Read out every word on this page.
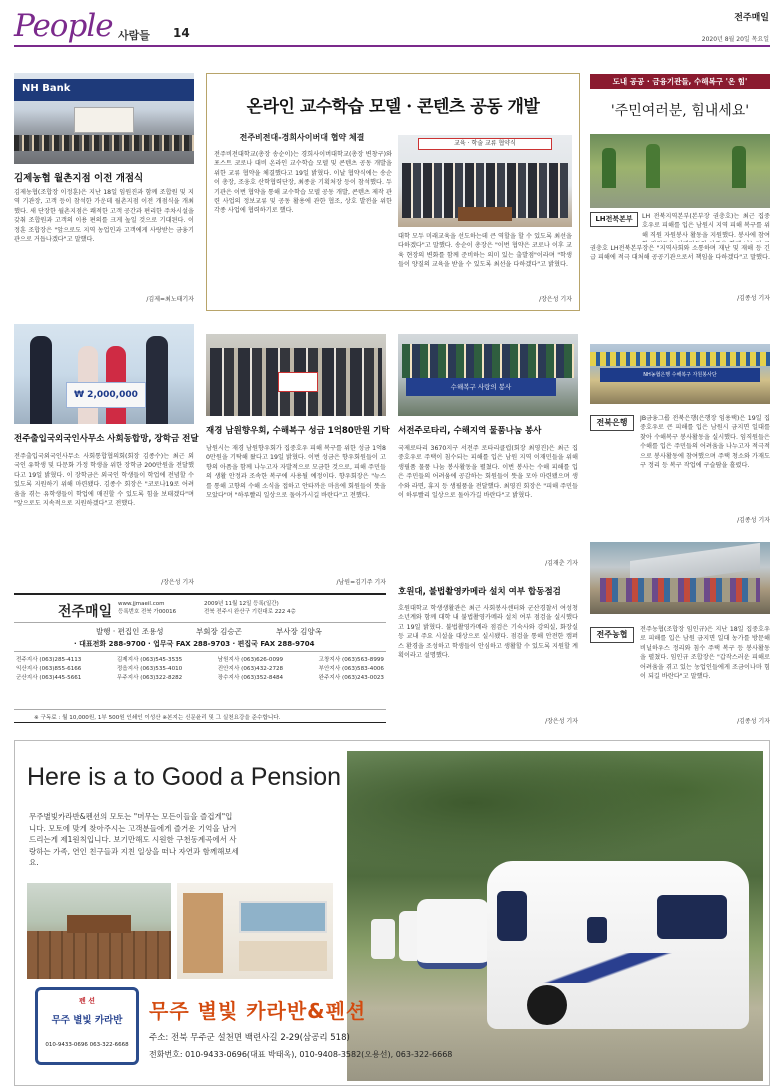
People 사람들 14
전주매일
2020년 8월 20일 목요일
NH Bank
김제농협 월촌지점 이전 개점식
김제농협(조합장 이정훈)은 지난 18일 임원진과 함께 조합원 및 지역 기관장, 고객 등이 참석한 가운데 월촌지점 이전 개점식을 개최했다. 새 단장한 월촌지점은 쾌적한 고객 공간과 편리한 주차시설을 갖춰 조합원과 고객의 이용 편의를 크게 높일 것으로 기대된다. 이정훈 조합장은 "앞으로도 지역 농업인과 고객에게 사랑받는 금융기관으로 거듭나겠다"고 말했다.
/김제=최노태기자
온라인 교수학습 모델 · 콘텐츠 공동 개발
전주비전대-경희사이버대 협약 체결
전주비전대학교(총장 송순이)는 경희사이버대학교(총장 변창구)와 포스트 코로나 대비 온라인 교수학습 모델 및 콘텐츠 공동 개발을 위한 교류 협약을 체결했다고 19일 밝혔다. 이날 협약식에는 송순이 총장, 조웅호 산학협력단장, 최종윤 기획처장 등이 참석했다. 두 기관은 이번 협약을 통해 교수학습 모델 공동 개발, 콘텐츠 제작 관련 사업의 정보교류 및 공동 활용에 관한 협조, 상호 발전을 위한 각종 사업에 협력하기로 했다.
교육 · 학술 교류 협약식
대학 모두 미래교육을 선도하는데 큰 역할을 할 수 있도록 최선을 다하겠다"고 말했다. 송순이 총장은 "이번 협약은 코로나 이후 교육 현장의 변화를 함께 준비하는 의미 있는 출발점"이라며 "학생들이 양질의 교육을 받을 수 있도록 최선을 다하겠다"고 밝혔다.
/장은성 기자
도내 공공 · 금융기관들, 수해복구 '온 힘'
'주민여러분, 힘내세요'
LH전북본부	LH 전북지역본부(본부장 권충호)는 최근 집중호우로 피해를 입은 남원시 지역 피해 복구를 위해 직원 자원봉사 활동을 지원했다. 봉사에 참여
권충호 LH전북본부장은 "지역사회와 소통하며 재난 및 재해 등 긴급 피해에 적극 대처해 공공기관으로서 책임을 다하겠다"고 말했다.
/김종성 기자
NH농협은행 수해복구 자원봉사단
전북은행	JB금융그룹 전북은행(은행장 임용택)은 19일 집중호우로 큰 피해를 입은 남원시 금지면 일대를 찾아 수해복구 봉사활동을 실시했다. 임직원들은 수해를 입은 주민들의 어려움을 나누고자 적극적으로 봉사활동에 참여했으며 주택 청소와 가재도구 정리 등 복구 작업에 구슬땀을 흘렸다.
/김종성 기자
전주농협
전주농협(조합장 임인규)은 지난 18일 집중호우로 피해를 입은 남원 금지면 일대 농가를 방문해 비닐하우스 정리와 침수 주택 복구 등 봉사활동을 펼쳤다. 임인규 조합장은 "갑작스러운 피해로 어려움을 겪고 있는 농업인들에게 조금이나마 힘이 되길 바란다"고 말했다.
/김종성 기자
₩ 2,000,000
전주출입국외국인사무소 사회동합망, 장학금 전달
전주출입국외국인사무소 사회통합협의회(회장 김종수)는 최근 외국인 유학생 및 다문화 가정 학생을 위한 장학금 200만원을 전달했다고 19일 밝혔다. 이 장학금은 외국인 학생들이 학업에 전념할 수 있도록 지원하기 위해 마련됐다. 김종수 회장은 "코로나19로 어려움을 겪는 유학생들이 학업에 매진할 수 있도록 힘을 보태겠다"며 "앞으로도 지속적으로 지원하겠다"고 전했다.
/장은성 기자
재경 남원향우회, 수해복구 성금 1억80만원 기탁
남원시는 재경 남원향우회가 집중호우 피해 복구를 위한 성금 1억80만원을 기탁해 왔다고 19일 밝혔다. 이번 성금은 향우회원들이 고향의 아픔을 함께 나누고자 자발적으로 모금한 것으로, 피해 주민들의 생활 안정과 조속한 복구에 사용될 예정이다. 향우회장은 "뉴스를 통해 고향의 수해 소식을 접하고 안타까운 마음에 회원들이 뜻을 모았다"며 "하루빨리 일상으로 돌아가시길 바란다"고 전했다.
/남원=김기주 기자
수해복구 사랑의 봉사
서전주로타리, 수해지역 물품나눔 봉사
국제로타리 3670지구 서전주 로타리클럽(회장 최영진)은 최근 집중호우로 주택이 침수되는 피해를 입은 남원 지역 이재민들을 위해 생필품 물품 나눔 봉사활동을 펼쳤다. 이번 봉사는 수해 피해를 입은 주민들의 어려움에 공감하는 회원들이 뜻을 모아 마련됐으며 생수와 라면, 휴지 등 생필품을 전달했다. 최영진 회장은 "피해 주민들이 하루빨리 일상으로 돌아가길 바란다"고 밝혔다.
/김재춘 기자
호원대, 불법촬영카메라 설치 여부 합동점검
호원대학교 학생생활관은 최근 사회봉사센터와 군산경찰서 여성청소년계와 함께 대학 내 불법촬영카메라 설치 여부 점검을 실시했다고 19일 밝혔다. 불법촬영카메라 점검은 기숙사와 강의실, 화장실 등 교내 주요 시설을 대상으로 실시됐다. 점검을 통해 안전한 캠퍼스 환경을 조성하고 학생들이 안심하고 생활할 수 있도록 지원할 계획이라고 설명했다.
/장은성 기자
전주매일 www.jjmaeil.com
등록번호 전북 가00016
2009년 11월 12일 등록(일간)
전북 전주시 완산구 기린대로 222 4층
발행 · 편집인 조용성	부회장 김승곤	부사장 김양옥
· 대표전화 288-9700 · 업무국 FAX 288-9703 · 편집국 FAX 288-9704
전주지사 (063)285-4113	김제지사 (063)545-3535	남원지사 (063)626-0099	고창지사 (063)563-8999
익산지사 (063)855-6166	정읍지사 (063)535-4010	진안지사 (063)432-2728	부안지사 (063)583-4006
군산지사 (063)445-5661	무주지사 (063)322-8282	장수지사 (063)352-8484	완주지사 (063)243-0023
※ 구독료 : 월 10,000원, 1부 500원 인쇄인 이성산 ※본지는 신문윤리 및 그 실천요강을 준수합니다.
Here is a to Good a Pension
무주별빛카라반&펜션의 모토는 "머무는 모든이들을 즐겁게"입니다. 모토에 맞게 찾아주시는 고객분들에게 즐거운 기억을 남겨드리는게 제1원칙입니다. 보기만해도 시원한 구천동계곡에서 사랑하는 가족, 연인 친구들과 지친 일상을 떠나 자연과 함께해보세요.
펜 션
무주 별빛 카라반
010-9433-0696 063-322-6668
무주 별빛 카라반&펜션
주소: 전북 무주군 설천면 백련사길 2-29(삼공리 518)
전화번호: 010-9433-0696(대표 박태옥), 010-9408-3582(오용선), 063-322-6668
